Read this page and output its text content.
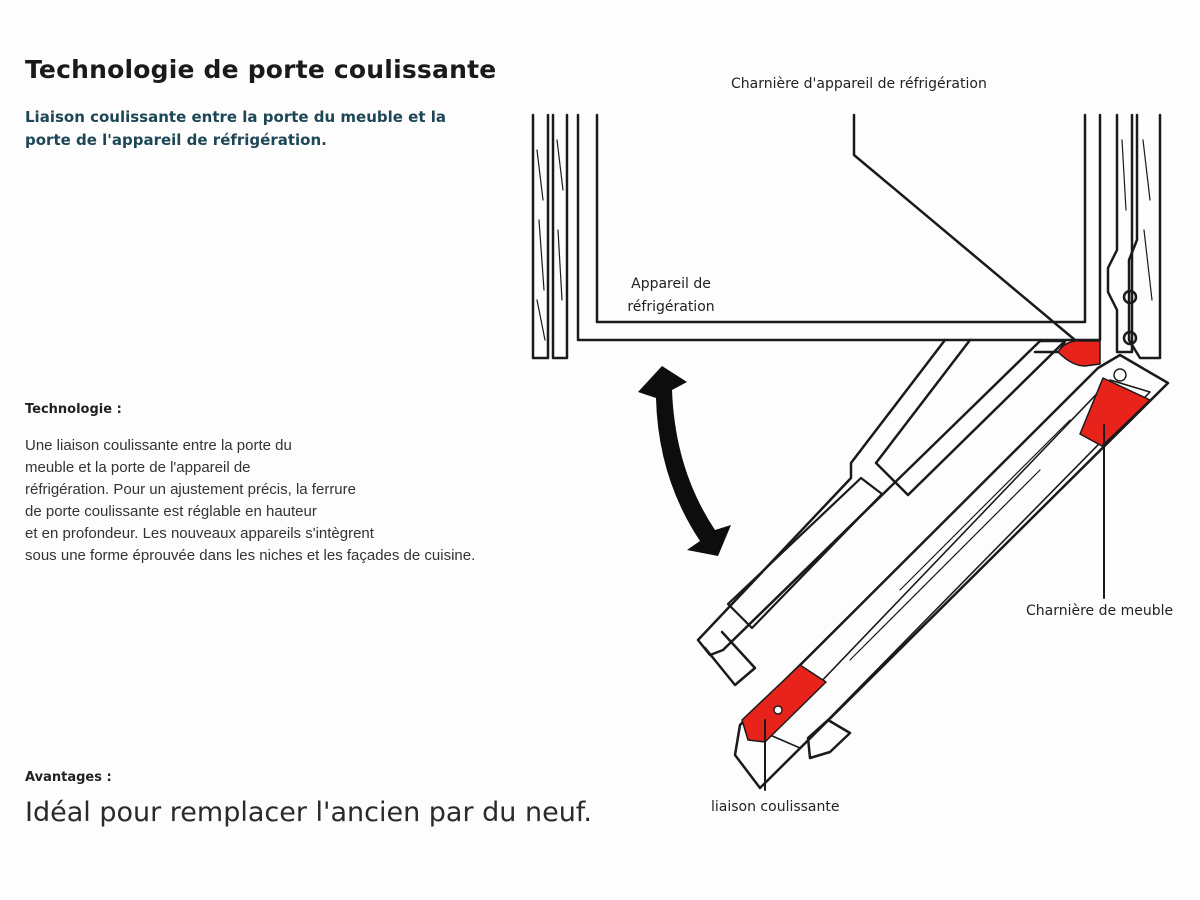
Technologie de porte coulissante

Liaison coulissante entre la porte du meuble et la porte de l'appareil de réfrigération.

Technologie :
Une liaison coulissante entre la porte du
meuble et la porte de l'appareil de
réfrigération. Pour un ajustement précis, la ferrure
de porte coulissante est réglable en hauteur
et en profondeur. Les nouveaux appareils s'intègrent
sous une forme éprouvée dans les niches et les façades de cuisine.
Avantages :
Idéal pour remplacer l'ancien par du neuf.
Charnière d'appareil de réfrigération
Appareil de
réfrigération
Charnière de meuble
liaison coulissante
